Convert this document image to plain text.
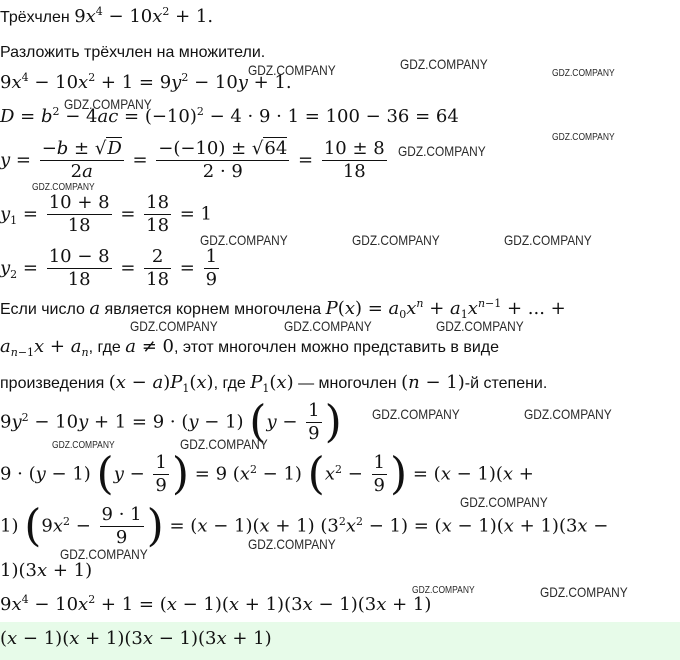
Трёхчлен $9x^4 - 10x^2 + 1$.
Разложить трёхчлен на множители.
$9x^4 - 10x^2 + 1 = 9y^2 - 10y + 1$.
$D = b^2 - 4ac = (-10)^2 - 4 \cdot 9 \cdot 1 = 100 - 36 = 64$
$y = \frac{-b \pm √D}{2a} = \frac{-(-10) \pm √64}{2 \cdot 9} = \frac{10 \pm 8}{18}$
$y_1 = \frac{10 + 8}{18} = \frac{18}{18} = 1$
$y_2 = \frac{10 - 8}{18} = \frac{2}{18} = \frac{1}{9}$
Если число a является корнем многочлена $P(x) = a_0x^n + a_1x^{n-1}$ + ... +
$a_{n-1}x + a_n$, где a ≠ 0, этот многочлен можно представить в виде
произведения $(x - a)P_1(x)$, где $P_1(x)$ — многочлен (n − 1)-й степени.
$9y^2 - 10y + 1 = 9 \cdot (y - 1) (y - \frac{1}{9}$ )
9 · (y − 1) ($y - \frac{1}{9}$ ) = 9 $(x^2 - 1) (x^2 - \frac{1}{9}$ ) = (x − 1)(x +
1) ($9x^2 - \frac{9 \cdot 1}{9}$ ) = (x − 1)(x + 1) $(3^2x^2 - 1) = (x - 1)(x + 1)(3x$ −
1)(3x + 1)
$9x^4 - 10x^2 + 1 = (x - 1)(x + 1)(3x - 1)(3x + 1)$
(x − 1)(x + 1)(3x − 1)(3x + 1)
GDZ.COMPANY	GDZ.COMPANY
GDZ.COMPANY
GDZ.COMPANY
GDZ.COMPANY
GDZ.COMPANY
GDZ.COMPANY
GDZ.COMPANY	GDZ.COMPANY	GDZ.COMPANY
GDZ.COMPANY	GDZ.COMPANY	GDZ.COMPANY
GDZ.COMPANY	GDZ.COMPANY
GDZ.COMPANY	GDZ.COMPANY
GDZ.COMPANY
GDZ.COMPANY
GDZ.COMPANY
GDZ.COMPANY	GDZ.COMPANY
